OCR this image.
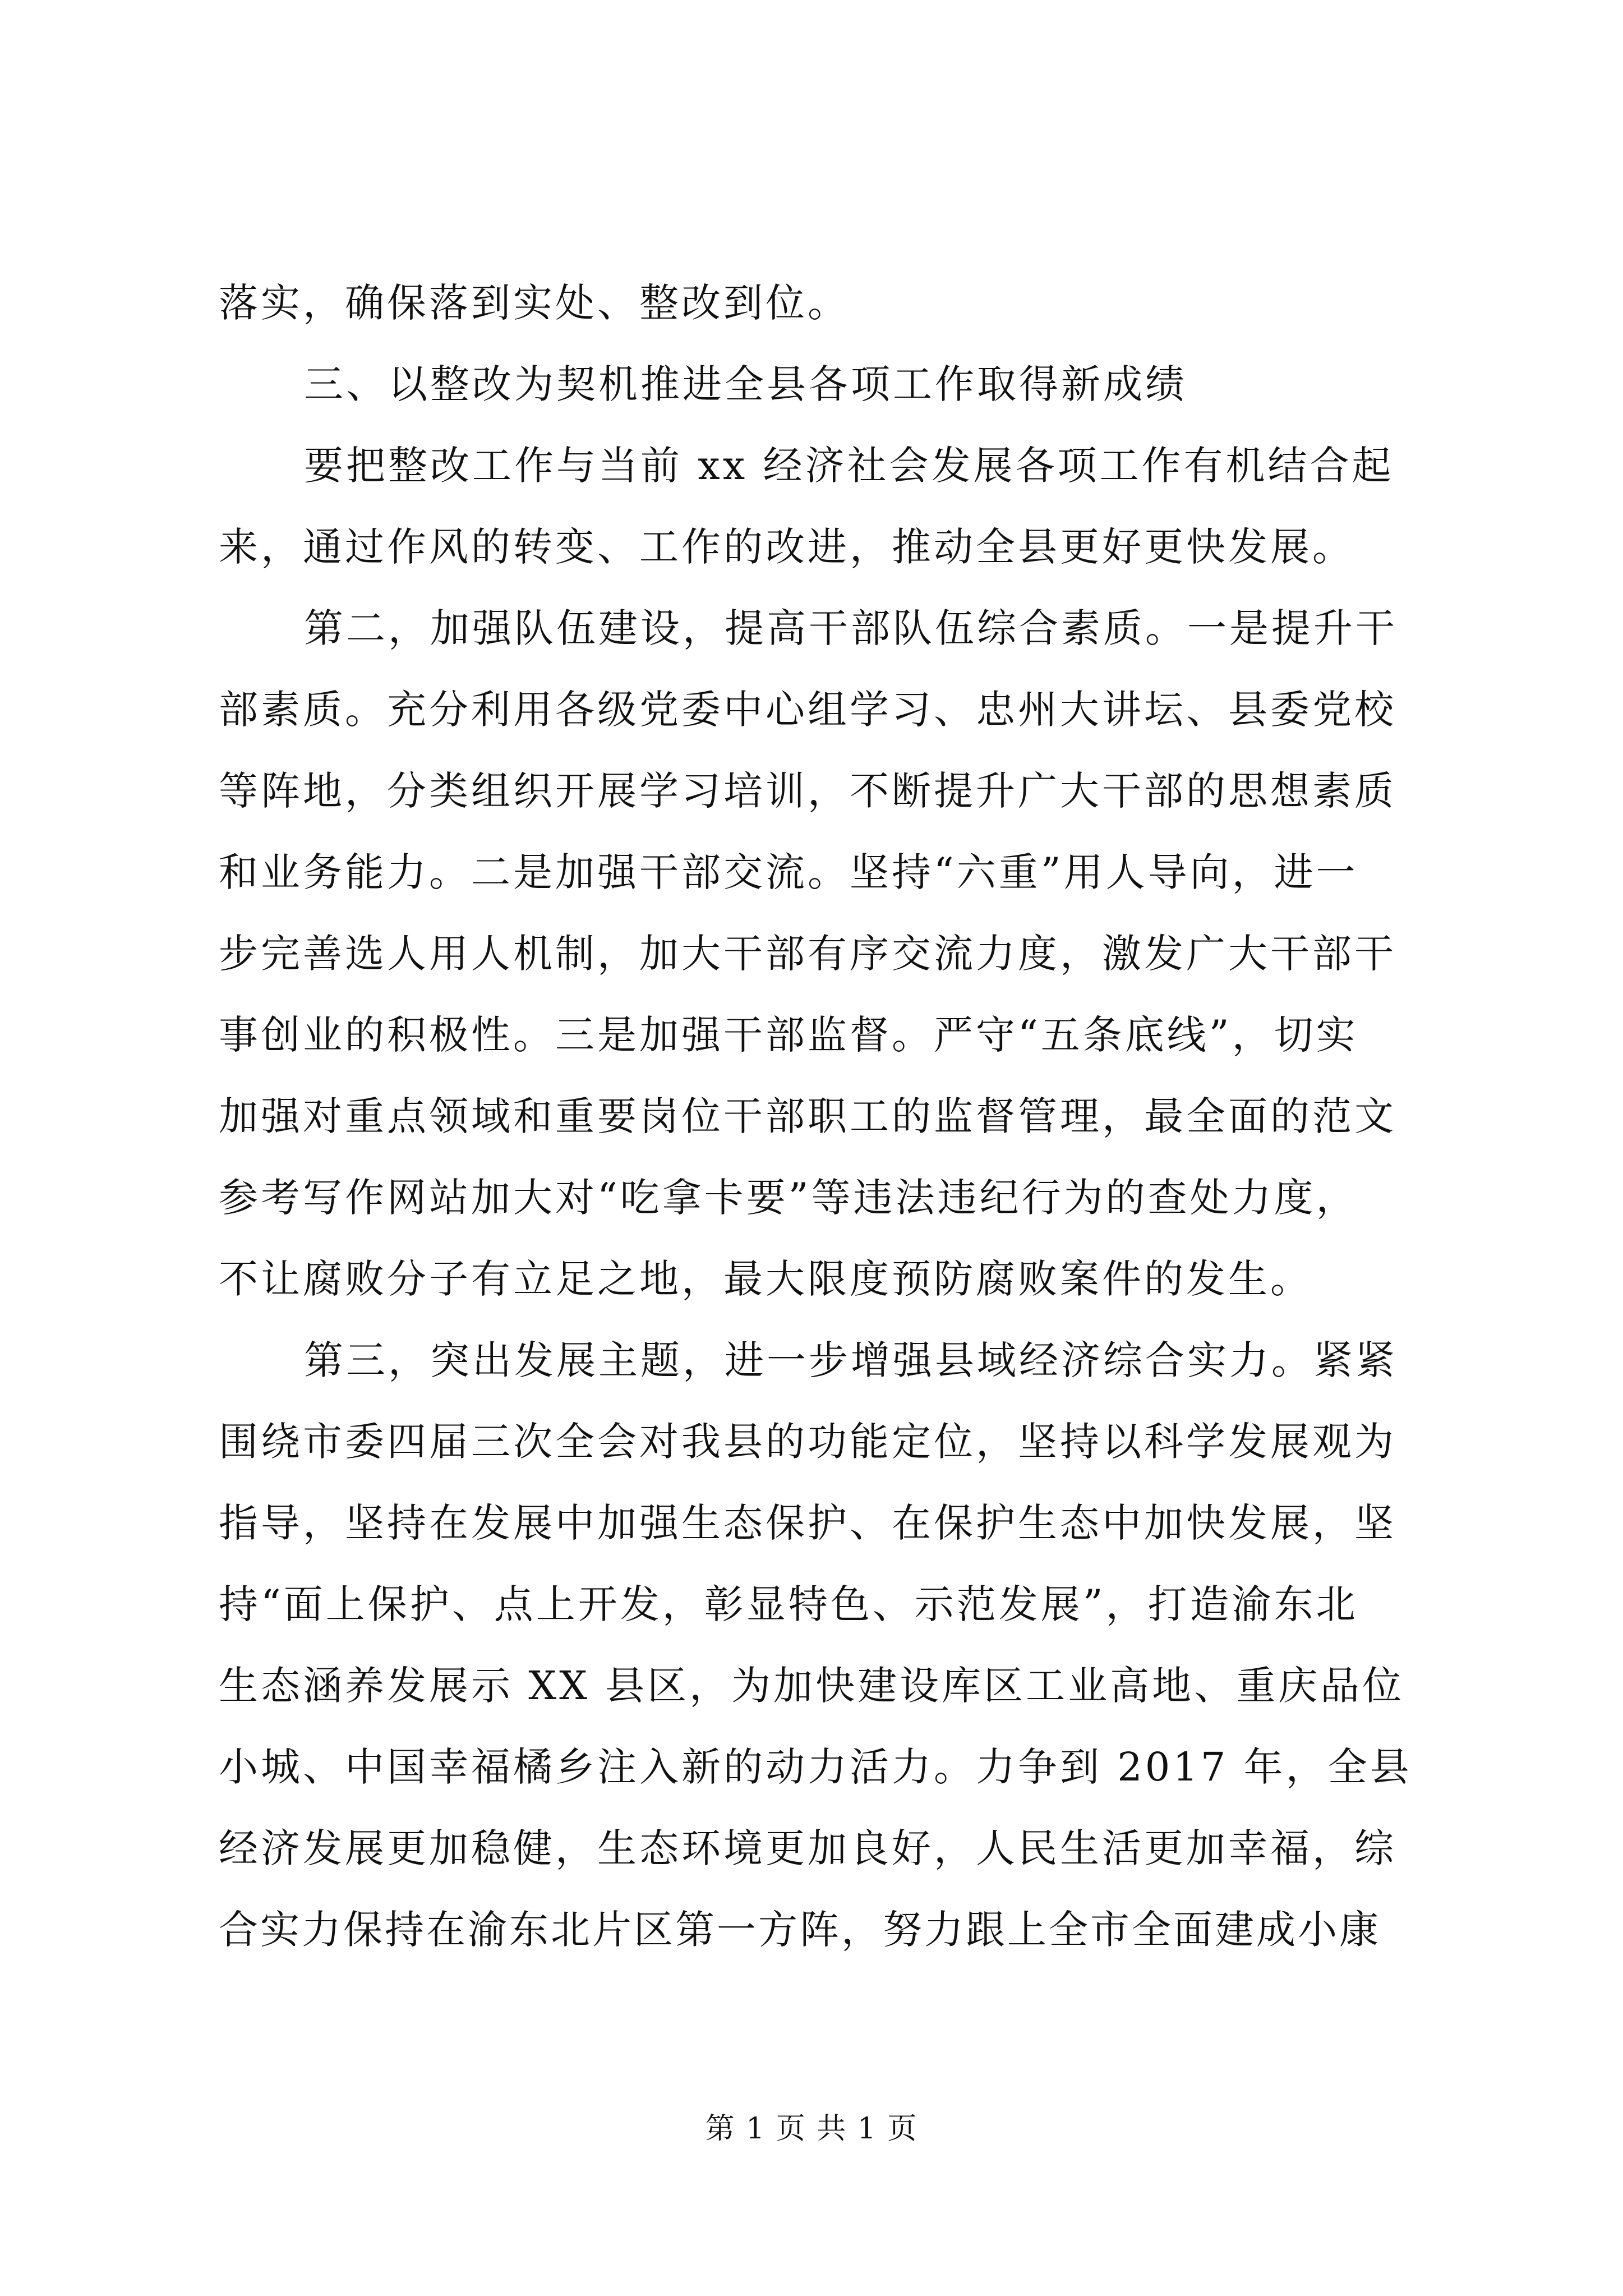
落实，确保落到实处、整改到位。
三、以整改为契机推进全县各项工作取得新成绩
要把整改工作与当前 xx 经济社会发展各项工作有机结合起
来，通过作风的转变、工作的改进，推动全县更好更快发展。
第二，加强队伍建设，提高干部队伍综合素质。一是提升干
部素质。充分利用各级党委中心组学习、忠州大讲坛、县委党校
等阵地，分类组织开展学习培训，不断提升广大干部的思想素质
和业务能力。二是加强干部交流。坚持“六重”用人导向，进一
步完善选人用人机制，加大干部有序交流力度，激发广大干部干
事创业的积极性。三是加强干部监督。严守“五条底线”，切实
加强对重点领域和重要岗位干部职工的监督管理，最全面的范文
参考写作网站加大对“吃拿卡要”等违法违纪行为的查处力度，
不让腐败分子有立足之地，最大限度预防腐败案件的发生。
第三，突出发展主题，进一步增强县域经济综合实力。紧紧
围绕市委四届三次全会对我县的功能定位，坚持以科学发展观为
指导，坚持在发展中加强生态保护、在保护生态中加快发展，坚
持“面上保护、点上开发，彰显特色、示范发展”，打造渝东北
生态涵养发展示 XX 县区，为加快建设库区工业高地、重庆品位
小城、中国幸福橘乡注入新的动力活力。力争到 2017 年，全县
经济发展更加稳健，生态环境更加良好，人民生活更加幸福，综
合实力保持在渝东北片区第一方阵，努力跟上全市全面建成小康
第 1 页 共 1 页
